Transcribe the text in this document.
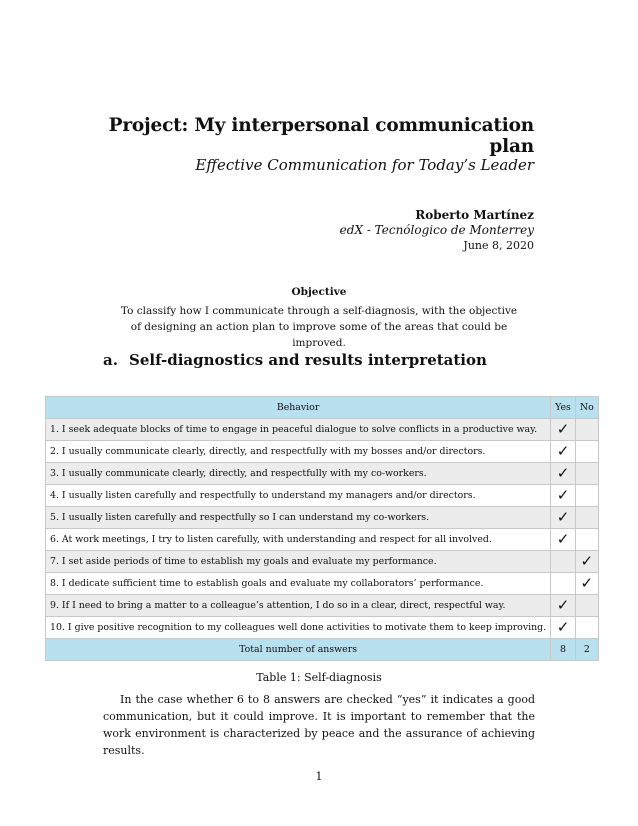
Project: My interpersonal communication plan
Effective Communication for Today’s Leader
Roberto Martínez
edX - Tecnólogico de Monterrey
June 8, 2020
Objective
To classify how I communicate through a self-diagnosis, with the objective of designing an action plan to improve some of the areas that could be improved.
a. Self-diagnostics and results interpretation
Behavior	Yes	No
1. I seek adequate blocks of time to engage in peaceful dialogue to solve conflicts in a productive way.	✓	
2. I usually communicate clearly, directly, and respectfully with my bosses and/or directors.	✓	
3. I usually communicate clearly, directly, and respectfully with my co-workers.	✓	
4. I usually listen carefully and respectfully to understand my managers and/or directors.	✓	
5. I usually listen carefully and respectfully so I can understand my co-workers.	✓	
6. At work meetings, I try to listen carefully, with understanding and respect for all involved.	✓	
7. I set aside periods of time to establish my goals and evaluate my performance.		✓
8. I dedicate sufficient time to establish goals and evaluate my collaborators’ performance.		✓
9. If I need to bring a matter to a colleague’s attention, I do so in a clear, direct, respectful way.	✓	
10. I give positive recognition to my colleagues well done activities to motivate them to keep improving.	✓	
Total number of answers	8	2
Table 1: Self-diagnosis
In the case whether 6 to 8 answers are checked “yes” it indicates a good communication, but it could improve. It is important to remember that the work environment is characterized by peace and the assurance of achieving results.
1
